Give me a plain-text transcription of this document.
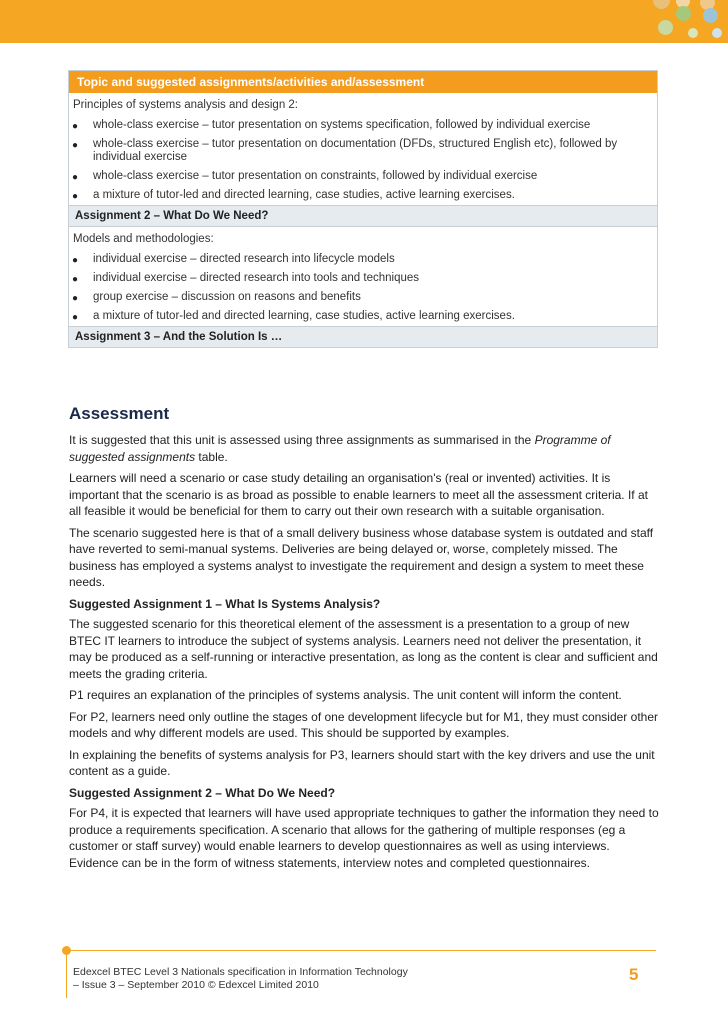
Topic and suggested assignments/activities and/assessment
Principles of systems analysis and design 2:
● whole-class exercise – tutor presentation on systems specification, followed by individual exercise
● whole-class exercise – tutor presentation on documentation (DFDs, structured English etc), followed by individual exercise
● whole-class exercise – tutor presentation on constraints, followed by individual exercise
● a mixture of tutor-led and directed learning, case studies, active learning exercises.
Assignment 2 – What Do We Need?
Models and methodologies:
● individual exercise – directed research into lifecycle models
● individual exercise – directed research into tools and techniques
● group exercise – discussion on reasons and benefits
● a mixture of tutor-led and directed learning, case studies, active learning exercises.
Assignment 3 – And the Solution Is …
Assessment

It is suggested that this unit is assessed using three assignments as summarised in the Programme of suggested assignments table.

Learners will need a scenario or case study detailing an organisation's (real or invented) activities. It is important that the scenario is as broad as possible to enable learners to meet all the assessment criteria. If at all feasible it would be beneficial for them to carry out their own research with a suitable organisation.

The scenario suggested here is that of a small delivery business whose database system is outdated and staff have reverted to semi-manual systems. Deliveries are being delayed or, worse, completely missed. The business has employed a systems analyst to investigate the requirement and design a system to meet these needs.

Suggested Assignment 1 – What Is Systems Analysis?

The suggested scenario for this theoretical element of the assessment is a presentation to a group of new BTEC IT learners to introduce the subject of systems analysis. Learners need not deliver the presentation, it may be produced as a self-running or interactive presentation, as long as the content is clear and sufficient and meets the grading criteria.

P1 requires an explanation of the principles of systems analysis. The unit content will inform the content.

For P2, learners need only outline the stages of one development lifecycle but for M1, they must consider other models and why different models are used. This should be supported by examples.

In explaining the benefits of systems analysis for P3, learners should start with the key drivers and use the unit content as a guide.

Suggested Assignment 2 – What Do We Need?

For P4, it is expected that learners will have used appropriate techniques to gather the information they need to produce a requirements specification. A scenario that allows for the gathering of multiple responses (eg a customer or staff survey) would enable learners to develop questionnaires as well as using interviews. Evidence can be in the form of witness statements, interview notes and completed questionnaires.

Edexcel BTEC Level 3 Nationals specification in Information Technology
– Issue 3 – September 2010 © Edexcel Limited 2010
5
